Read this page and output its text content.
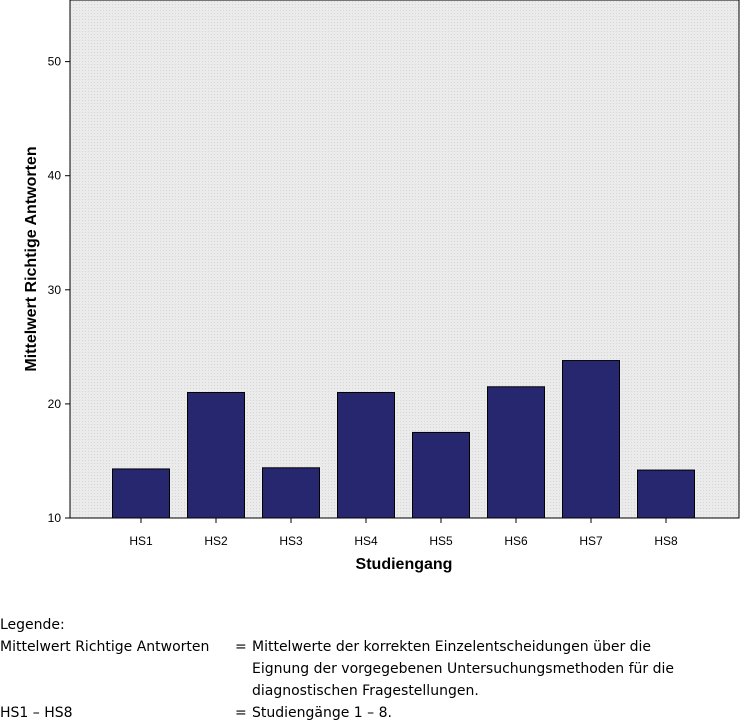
10
20
30
40
50
HS1	HS2	HS3	HS4	HS5	HS6	HS7	HS8
Mittelwert Richtige Antworten
Studiengang
Legende:
Mittelwert Richtige Antworten = Mittelwerte der korrekten Einzelentscheidungen über die
Eignung der vorgegebenen Untersuchungsmethoden für die
diagnostischen Fragestellungen.
HS1 – HS8	= Studiengänge 1 – 8.
